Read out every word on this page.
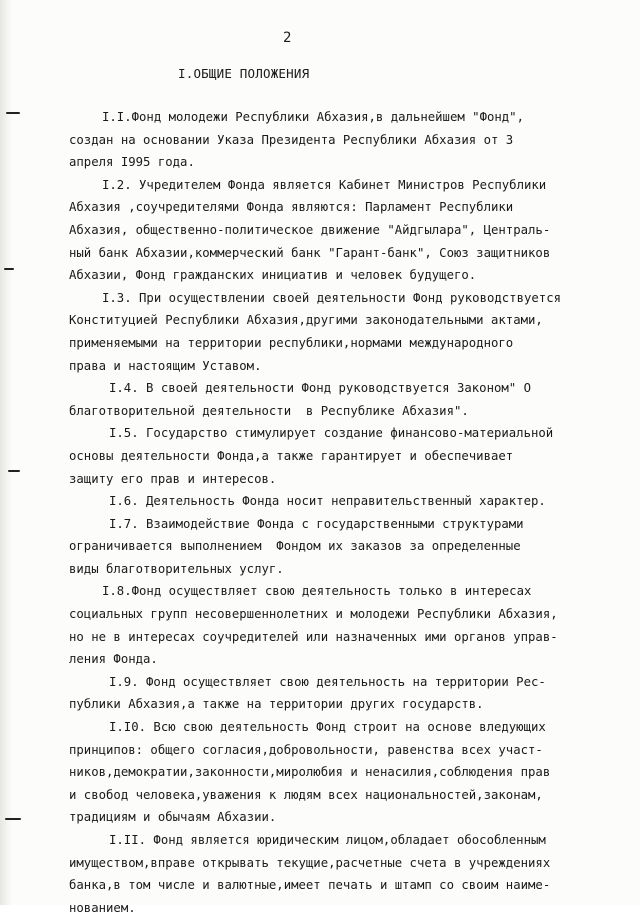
2
I.ОБЩИЕ ПОЛОЖЕНИЯ
I.I.Фонд молодежи Республики Абхазия,в дальнейшем "Фонд",
создан на основании Указа Президента Республики Абхазия от 3
апреля I995 года.
I.2. Учредителем Фонда является Кабинет Министров Республики
Абхазия ,соучредителями Фонда являются: Парламент Республики
Абхазия, общественно-политическое движение "Айдгылара", Централь-
ный банк Абхазии,коммерческий банк "Гарант-банк", Союз защитников
Абхазии, Фонд гражданских инициатив и человек будущего.
I.3. При осуществлении своей деятельности Фонд руководствуется
Конституцией Республики Абхазия,другими законодательными актами,
применяемыми на территории республики,нормами международного
права и настоящим Уставом.
I.4. В своей деятельности Фонд руководствуется Законом" О
благотворительной деятельности  в Республике Абхазия".
I.5. Государство стимулирует создание финансово-материальной
основы деятельности Фонда,а также гарантирует и обеспечивает
защиту его прав и интересов.
I.6. Деятельность Фонда носит неправительственный характер.
I.7. Взаимодействие Фонда с государственными структурами
ограничивается выполнением  Фондом их заказов за определенные
виды благотворительных услуг.
I.8.Фонд осуществляет свою деятельность только в интересах
социальных групп несовершеннолетних и молодежи Республики Абхазия,
но не в интересах соучредителей или назначенных ими органов управ-
ления Фонда.
I.9. Фонд осуществляет свою деятельность на территории Рес-
публики Абхазия,а также на территории других государств.
I.I0. Всю свою деятельность Фонд строит на основе вледующих
принципов: общего согласия,добровольности, равенства всех участ-
ников,демократии,законности,миролюбия и ненасилия,соблюдения прав
и свобод человека,уважения к людям всех национальностей,законам,
традициям и обычаям Абхазии.
I.II. Фонд является юридическим лицом,обладает обособленным
имуществом,вправе открывать текущие,расчетные счета в учреждениях
банка,в том числе и валютные,имеет печать и штамп со своим наиме-
нованием.
